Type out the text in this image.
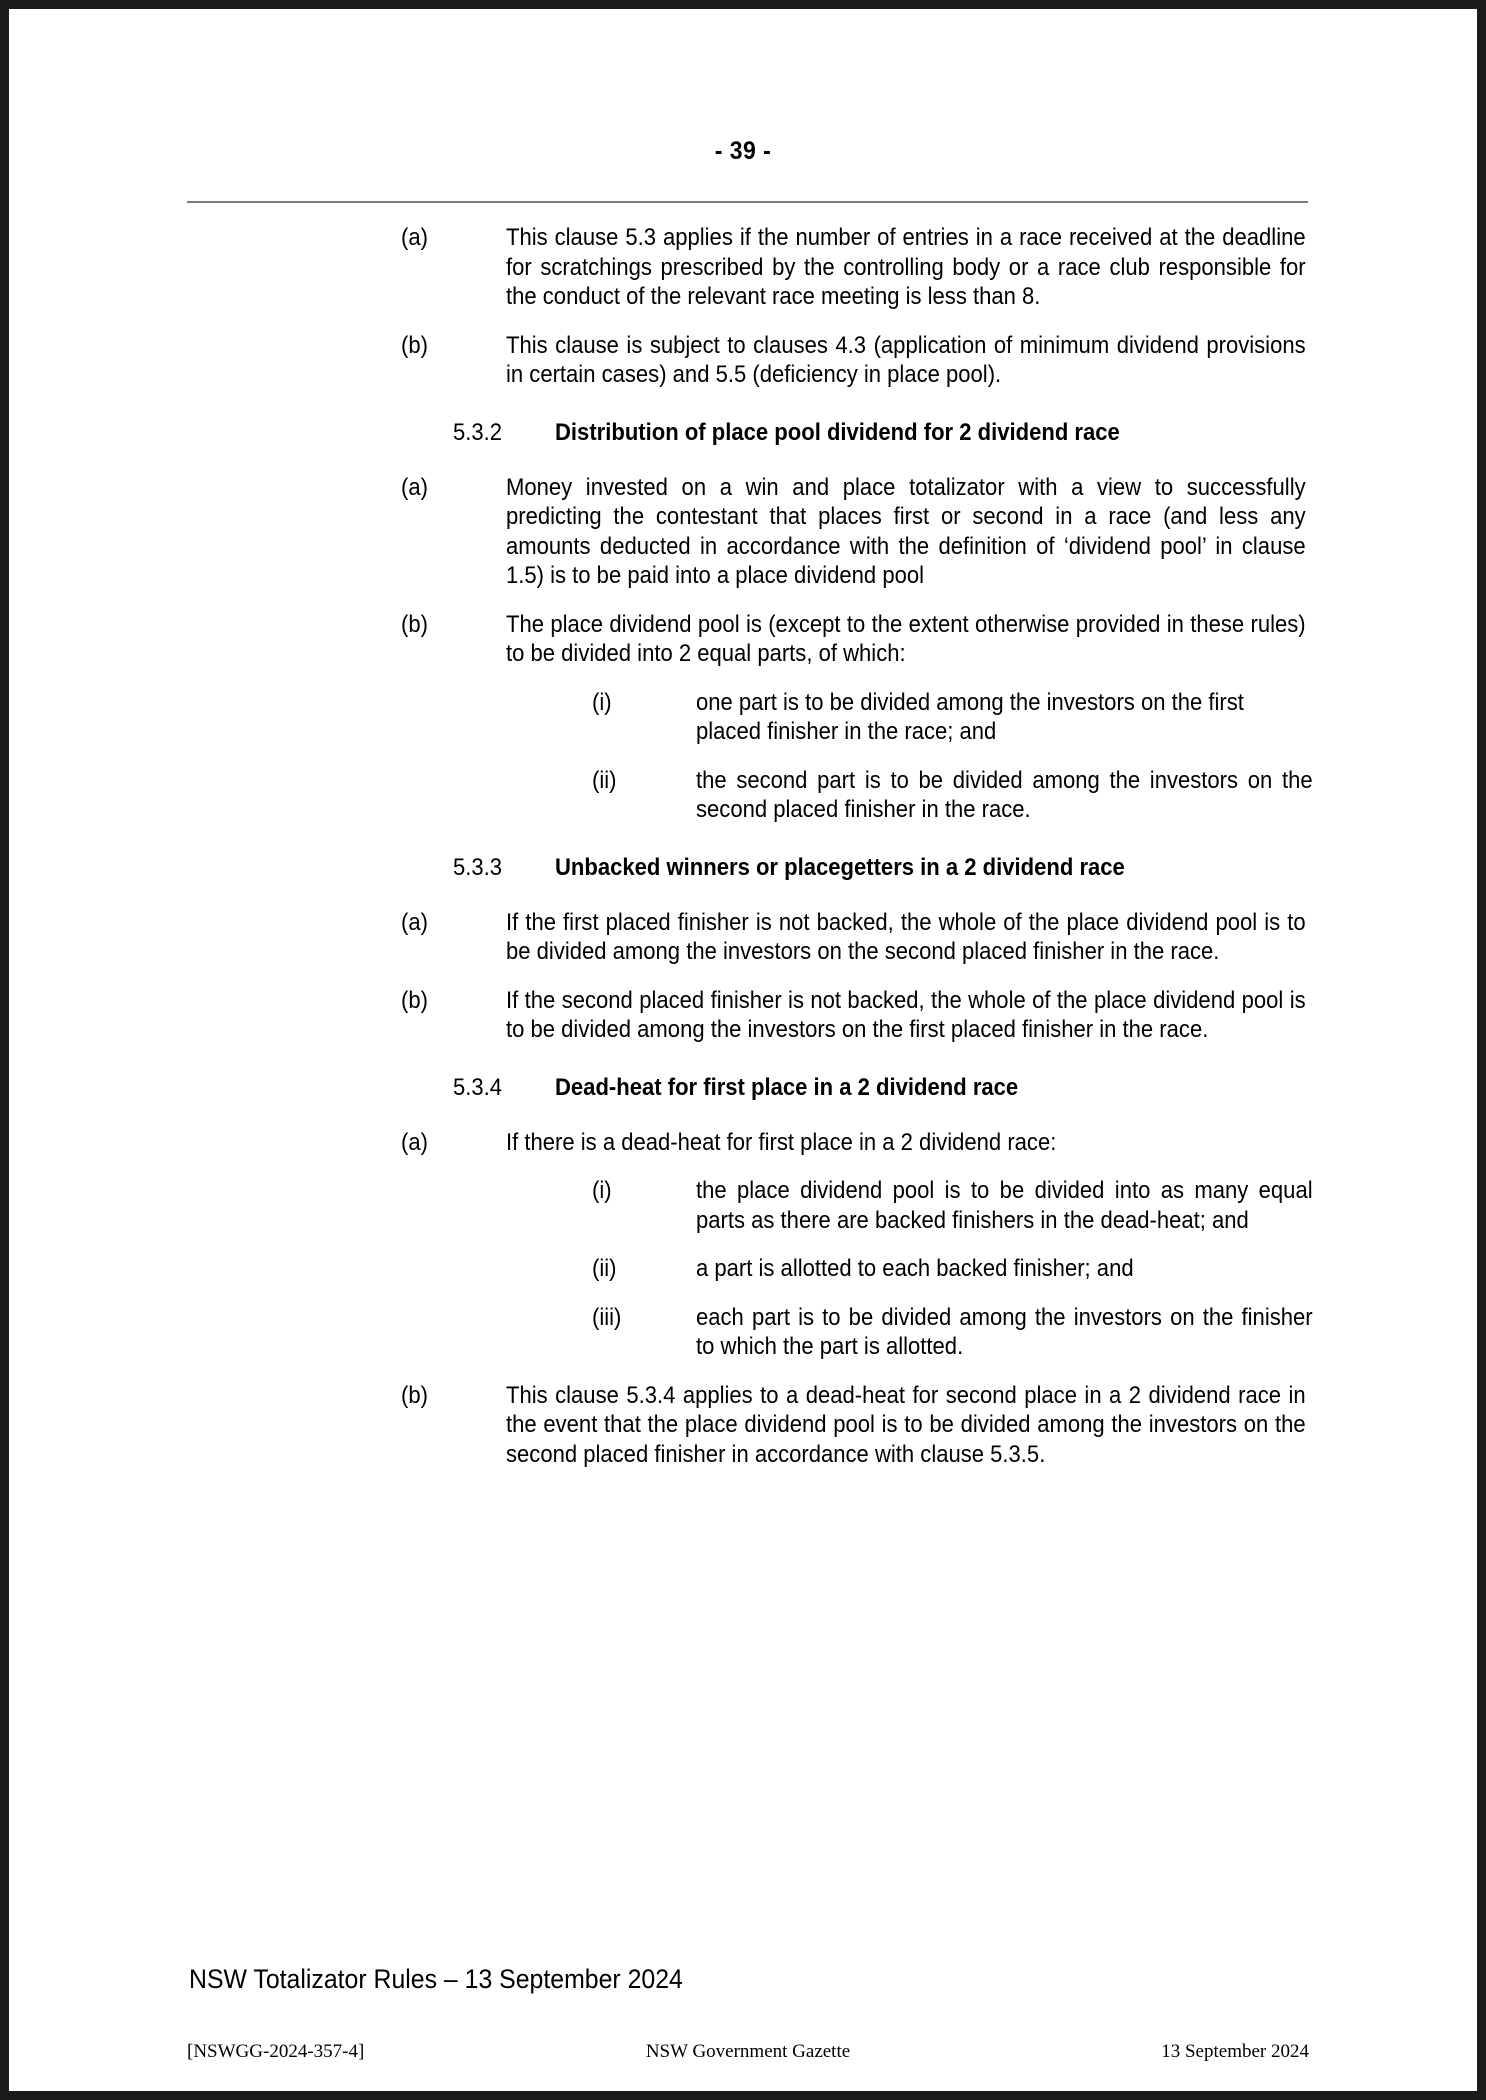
- 39 -
(a)	This clause 5.3 applies if the number of entries in a race received at the deadline for scratchings prescribed by the controlling body or a race club responsible for the conduct of the relevant race meeting is less than 8.
(b)	This clause is subject to clauses 4.3 (application of minimum dividend provisions in certain cases) and 5.5 (deficiency in place pool).
5.3.2 Distribution of place pool dividend for 2 dividend race
(a)	Money invested on a win and place totalizator with a view to successfully predicting the contestant that places first or second in a race (and less any amounts deducted in accordance with the definition of ‘dividend pool’ in clause 1.5) is to be paid into a place dividend pool
(b)	The place dividend pool is (except to the extent otherwise provided in these rules) to be divided into 2 equal parts, of which:
(i)	one part is to be divided among the investors on the first placed finisher in the race; and
(ii)	the second part is to be divided among the investors on the second placed finisher in the race.
5.3.3 Unbacked winners or placegetters in a 2 dividend race
(a)	If the first placed finisher is not backed, the whole of the place dividend pool is to be divided among the investors on the second placed finisher in the race.
(b)	If the second placed finisher is not backed, the whole of the place dividend pool is to be divided among the investors on the first placed finisher in the race.
5.3.4 Dead-heat for first place in a 2 dividend race
(a)	If there is a dead-heat for first place in a 2 dividend race:
(i)	the place dividend pool is to be divided into as many equal parts as there are backed finishers in the dead-heat; and
(ii)	a part is allotted to each backed finisher; and
(iii)	each part is to be divided among the investors on the finisher to which the part is allotted.
(b)	This clause 5.3.4 applies to a dead-heat for second place in a 2 dividend race in the event that the place dividend pool is to be divided among the investors on the second placed finisher in accordance with clause 5.3.5.
NSW Totalizator Rules – 13 September 2024
[NSWGG-2024-357-4]	NSW Government Gazette	13 September 2024
